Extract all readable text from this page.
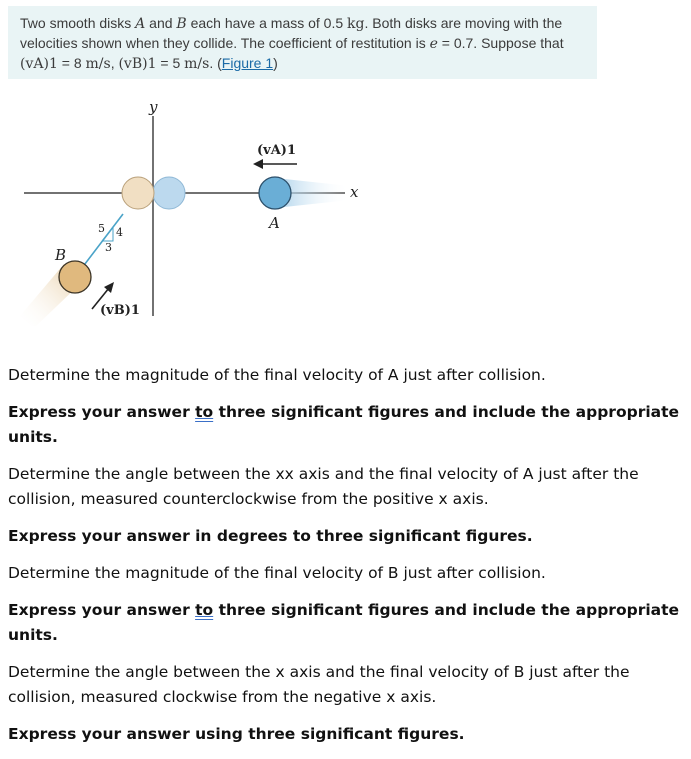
Two smooth disks A and B each have a mass of 0.5 kg. Both disks are moving with the velocities shown when they collide. The coefficient of restitution is e = 0.7. Suppose that
(vA)1 = 8 m/s, (vB)1 = 5 m/s. (Figure 1)
A
(vA)1
5 4
3
B
(vB)1
y
x

Determine the magnitude of the final velocity of A just after collision.

Express your answer to three significant figures and include the appropriate units.

Determine the angle between the xx axis and the final velocity of A just after the collision, measured counterclockwise from the positive x axis.

Express your answer in degrees to three significant figures.

Determine the magnitude of the final velocity of B just after collision.

Express your answer to three significant figures and include the appropriate units.

Determine the angle between the x axis and the final velocity of B just after the collision, measured clockwise from the negative x axis.

Express your answer using three significant figures.
